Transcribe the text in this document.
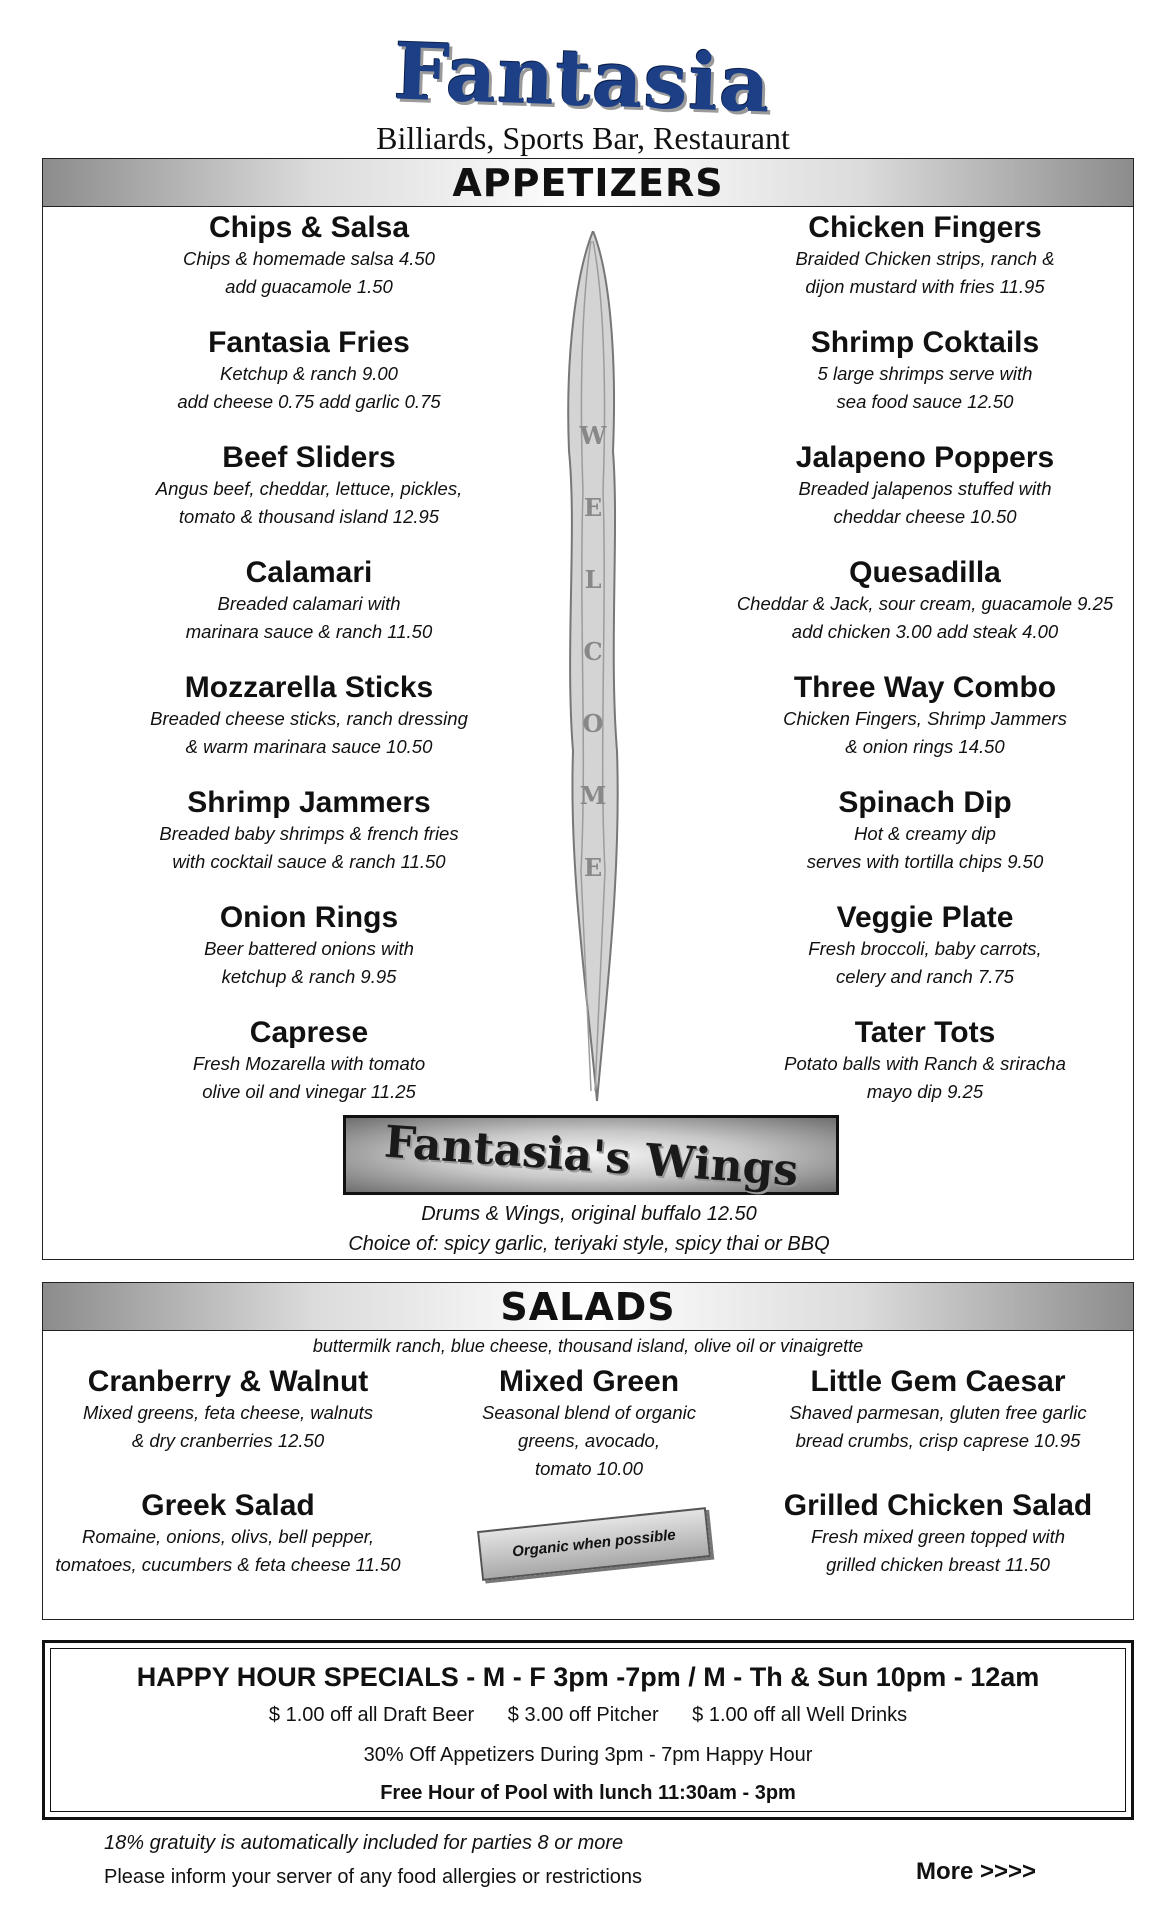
Fantasia
Billiards, Sports Bar, Restaurant
APPETIZERS
Chips & Salsa
Chips & homemade salsa 4.50
add guacamole 1.50
Fantasia Fries
Ketchup & ranch 9.00
add cheese 0.75 add garlic 0.75
Beef Sliders
Angus beef, cheddar, lettuce, pickles,
tomato & thousand island 12.95
Calamari
Breaded calamari with
marinara sauce & ranch 11.50
Mozzarella Sticks
Breaded cheese sticks, ranch dressing
& warm marinara sauce 10.50
Shrimp Jammers
Breaded baby shrimps & french fries
with cocktail sauce & ranch 11.50
Onion Rings
Beer battered onions with
ketchup & ranch 9.95
Caprese
Fresh Mozarella with tomato
olive oil and vinegar 11.25
W
E
L
C
O
M
E
Chicken Fingers
Braided Chicken strips, ranch &
dijon mustard with fries 11.95
Shrimp Coktails
5 large shrimps serve with
sea food sauce 12.50
Jalapeno Poppers
Breaded jalapenos stuffed with
cheddar cheese 10.50
Quesadilla
Cheddar & Jack, sour cream, guacamole 9.25
add chicken 3.00 add steak 4.00
Three Way Combo
Chicken Fingers, Shrimp Jammers
& onion rings 14.50
Spinach Dip
Hot & creamy dip
serves with tortilla chips 9.50
Veggie Plate
Fresh broccoli, baby carrots,
celery and ranch 7.75
Tater Tots
Potato balls with Ranch & sriracha
mayo dip 9.25
Fantasia's Wings
Drums & Wings, original buffalo 12.50
Choice of: spicy garlic, teriyaki style, spicy thai or BBQ
SALADS
buttermilk ranch, blue cheese, thousand island, olive oil or vinaigrette
Cranberry & Walnut
Mixed greens, feta cheese, walnuts
& dry cranberries 12.50
Mixed Green
Seasonal blend of organic
greens, avocado,
tomato 10.00
Little Gem Caesar
Shaved parmesan, gluten free garlic
bread crumbs, crisp caprese 10.95
Greek Salad
Romaine, onions, olivs, bell pepper,
tomatoes, cucumbers & feta cheese 11.50
Grilled Chicken Salad
Fresh mixed green topped with
grilled chicken breast 11.50
Organic when possible
HAPPY HOUR SPECIALS - M - F 3pm -7pm / M - Th & Sun 10pm - 12am
$ 1.00 off all Draft Beer $ 3.00 off Pitcher $ 1.00 off all Well Drinks
30% Off Appetizers During 3pm - 7pm Happy Hour
Free Hour of Pool with lunch 11:30am - 3pm
18% gratuity is automatically included for parties 8 or more
Please inform your server of any food allergies or restrictions	More >>>>
